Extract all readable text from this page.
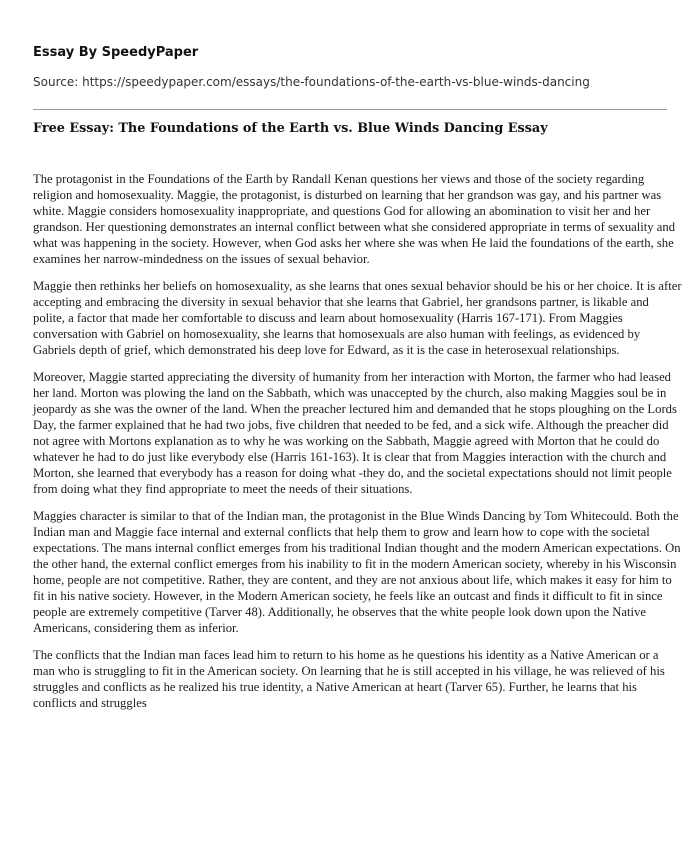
Essay By SpeedyPaper
Source: https://speedypaper.com/essays/the-foundations-of-the-earth-vs-blue-winds-dancing
Free Essay: The Foundations of the Earth vs. Blue Winds Dancing Essay

The protagonist in the Foundations of the Earth by Randall Kenan questions her views and those of the society regarding religion and homosexuality. Maggie, the protagonist, is disturbed on learning that her grandson was gay, and his partner was white. Maggie considers homosexuality inappropriate, and questions God for allowing an abomination to visit her and her grandson. Her questioning demonstrates an internal conflict between what she considered appropriate in terms of sexuality and what was happening in the society. However, when God asks her where she was when He laid the foundations of the earth, she examines her narrow-mindedness on the issues of sexual behavior.

Maggie then rethinks her beliefs on homosexuality, as she learns that ones sexual behavior should be his or her choice. It is after accepting and embracing the diversity in sexual behavior that she learns that Gabriel, her grandsons partner, is likable and polite, a factor that made her comfortable to discuss and learn about homosexuality (Harris 167-171). From Maggies conversation with Gabriel on homosexuality, she learns that homosexuals are also human with feelings, as evidenced by Gabriels depth of grief, which demonstrated his deep love for Edward, as it is the case in heterosexual relationships.

Moreover, Maggie started appreciating the diversity of humanity from her interaction with Morton, the farmer who had leased her land. Morton was plowing the land on the Sabbath, which was unaccepted by the church, also making Maggies soul be in jeopardy as she was the owner of the land. When the preacher lectured him and demanded that he stops ploughing on the Lords Day, the farmer explained that he had two jobs, five children that needed to be fed, and a sick wife. Although the preacher did not agree with Mortons explanation as to why he was working on the Sabbath, Maggie agreed with Morton that he could do whatever he had to do just like everybody else (Harris 161-163). It is clear that from Maggies interaction with the church and Morton, she learned that everybody has a reason for doing what -they do, and the societal expectations should not limit people from doing what they find appropriate to meet the needs of their situations.

Maggies character is similar to that of the Indian man, the protagonist in the Blue Winds Dancing by Tom Whitecould. Both the Indian man and Maggie face internal and external conflicts that help them to grow and learn how to cope with the societal expectations. The mans internal conflict emerges from his traditional Indian thought and the modern American expectations. On the other hand, the external conflict emerges from his inability to fit in the modern American society, whereby in his Wisconsin home, people are not competitive. Rather, they are content, and they are not anxious about life, which makes it easy for him to fit in his native society. However, in the Modern American society, he feels like an outcast and finds it difficult to fit in since people are extremely competitive (Tarver 48). Additionally, he observes that the white people look down upon the Native Americans, considering them as inferior.

The conflicts that the Indian man faces lead him to return to his home as he questions his identity as a Native American or a man who is struggling to fit in the American society. On learning that he is still accepted in his village, he was relieved of his struggles and conflicts as he realized his true identity, a Native American at heart (Tarver 65). Further, he learns that his conflicts and struggles
